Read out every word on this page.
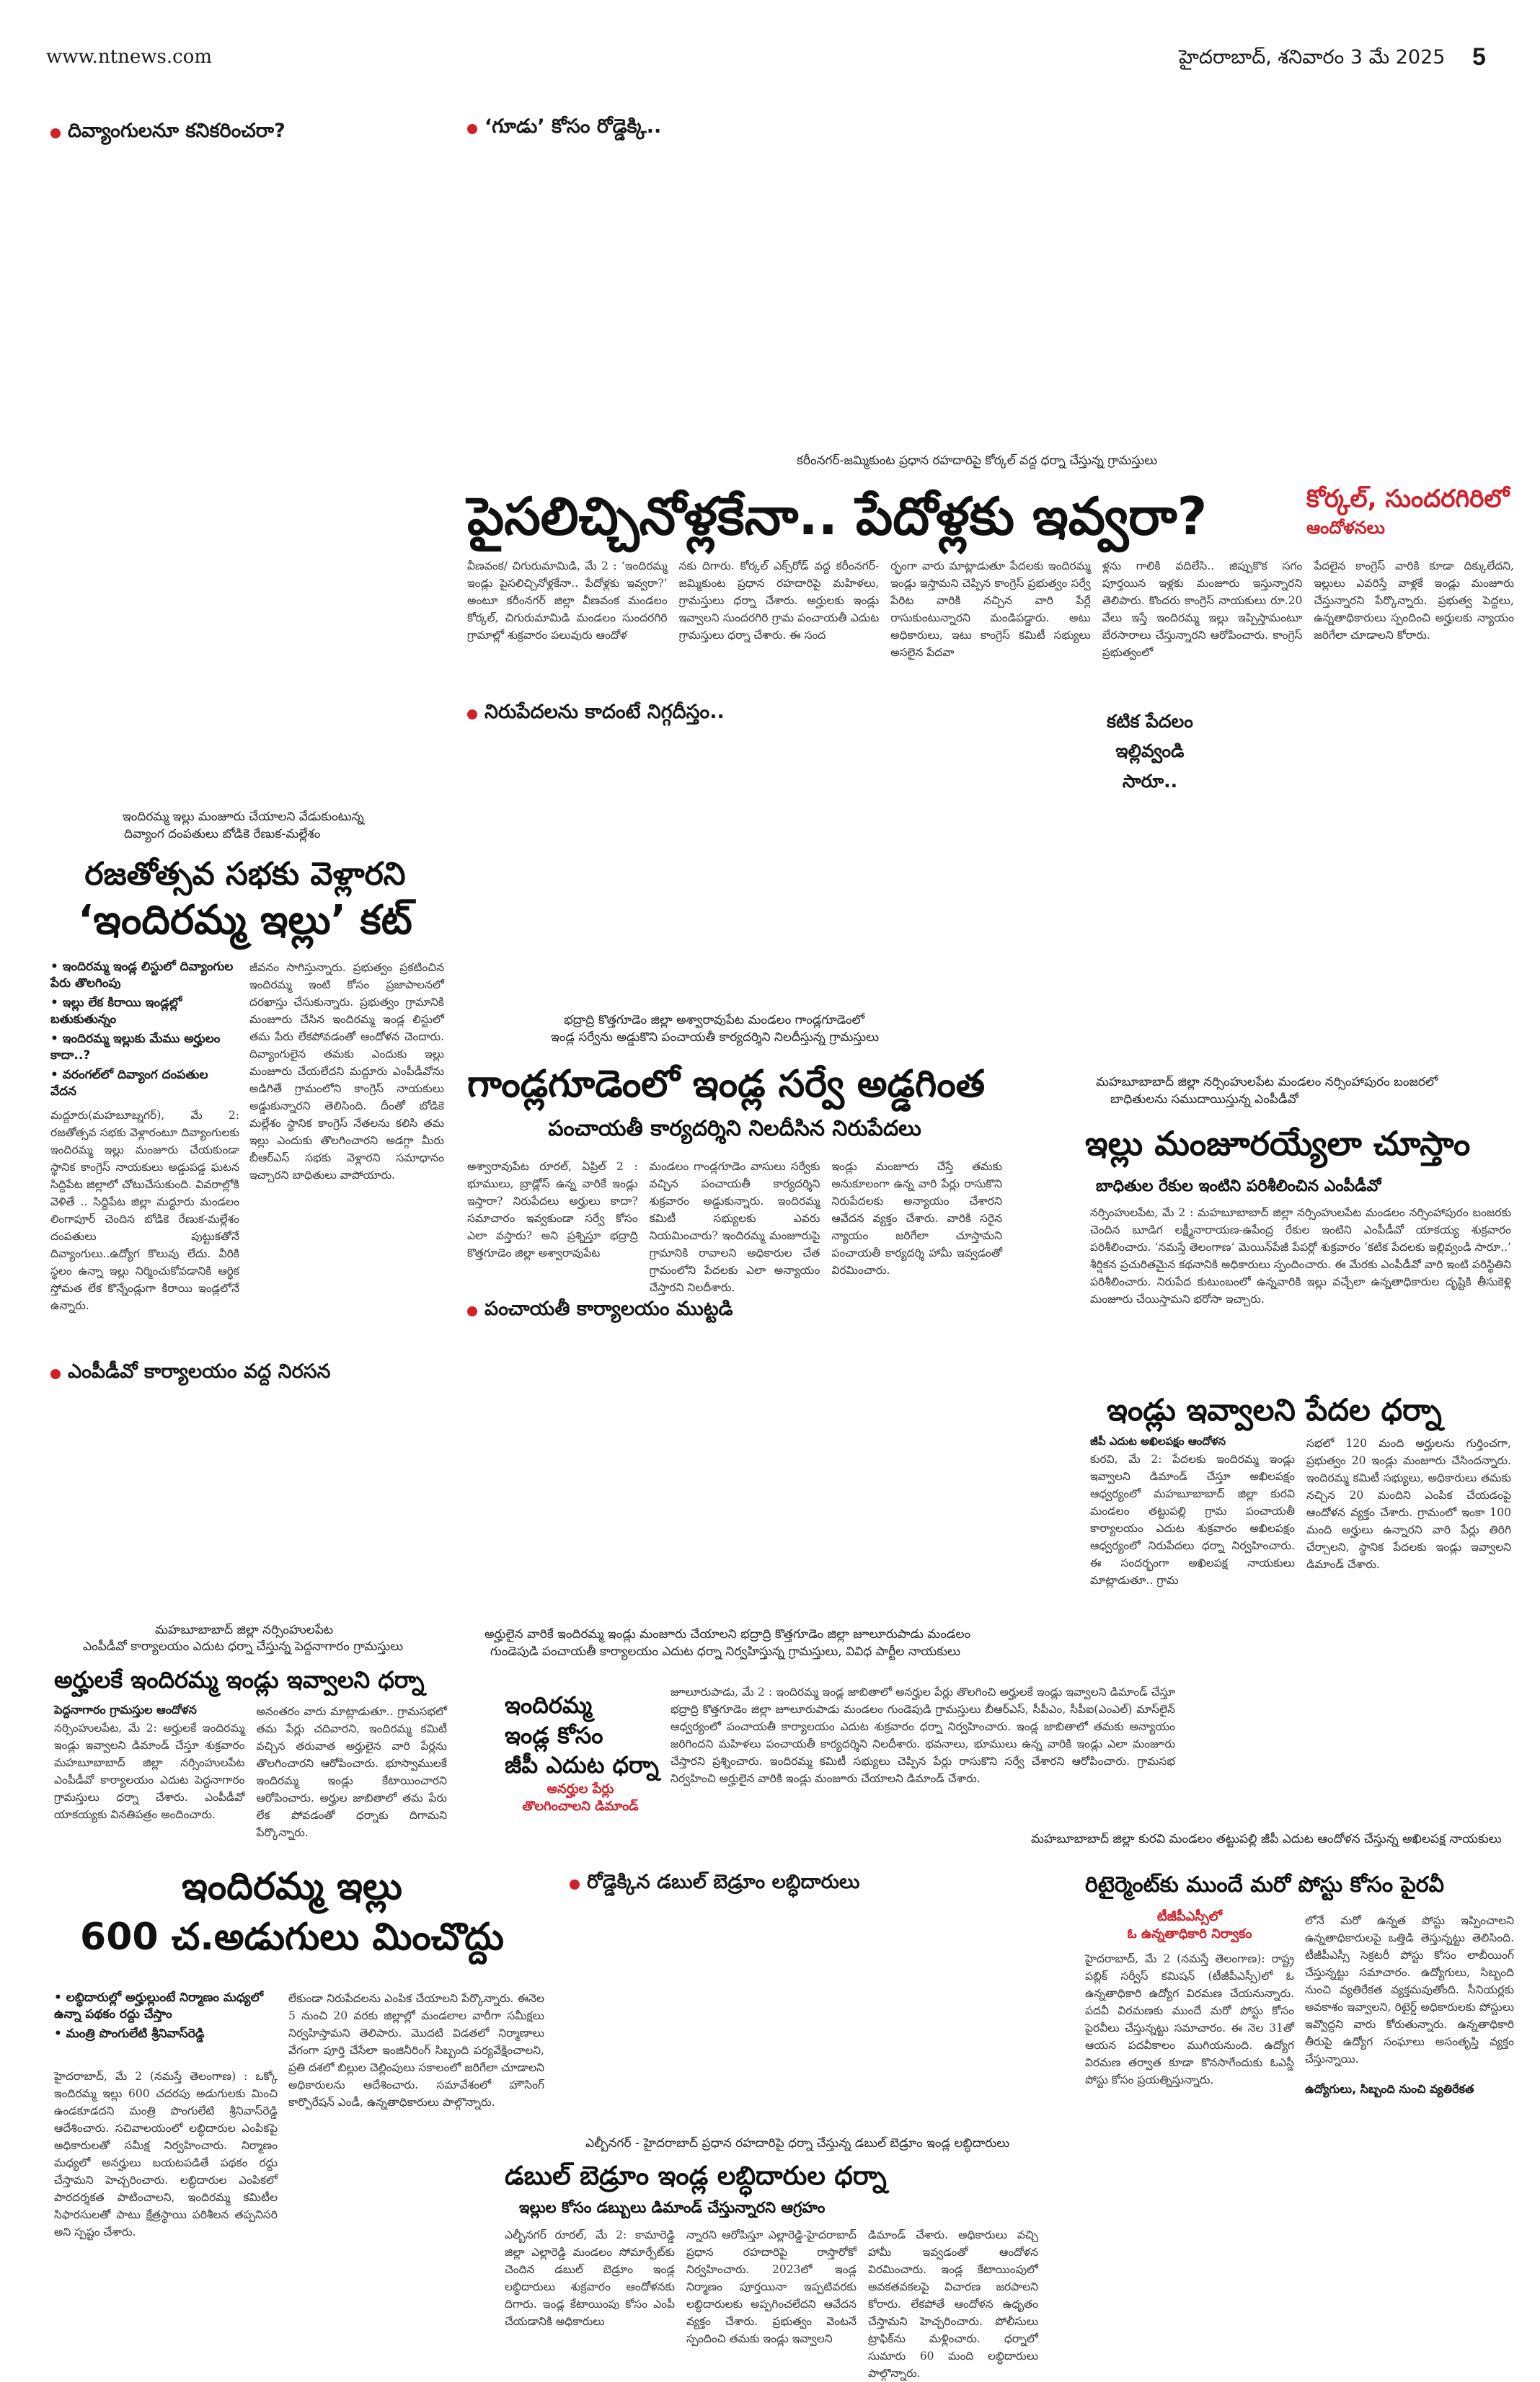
www.ntnews.com	హైదరాబాద్, శనివారం 3 మే 2025 5
దివ్యాంగులనూ కనికరించరా?	‘గూడు’ కోసం రోడ్డెక్కి..
కరీంనగర్-జమ్మికుంట ప్రధాన రహదారిపై కోర్కల్ వద్ద ధర్నా చేస్తున్న గ్రామస్తులు
పైసలిచ్చినోళ్లకేనా.. పేదోళ్లకు ఇవ్వరా?	కోర్కల్, సుందరగిరిలో
ఆందోళనలు
వీణవంక/ చిగురుమామిడి, మే 2 : ‘ఇందిరమ్మ ఇండ్లు పైసలిచ్చినోళ్లకేనా.. పేదోళ్లకు ఇవ్వరా?’ అంటూ కరీంనగర్ జిల్లా వీణవంక మండలం కోర్కల్, చిగురుమామిడి మండలం సుందరగిరి గ్రామాల్లో శుక్రవారం పలువురు ఆందోళ
నకు దిగారు. కోర్కల్ ఎక్స్‌రోడ్ వద్ద కరీంనగర్-జమ్మికుంట ప్రధాన రహదారిపై మహిళలు, గ్రామస్తులు ధర్నా చేశారు. అర్హులకు ఇండ్లు ఇవ్వాలని సుందరగిరి గ్రామ పంచాయతీ ఎదుట గ్రామస్తులు ధర్నా చేశారు. ఈ సంద
ర్భంగా వారు మాట్లాడుతూ పేదలకు ఇందిరమ్మ ఇండ్లు ఇస్తామని చెప్పిన కాంగ్రెస్ ప్రభుత్వం సర్వే పేరిట వారికి నచ్చిన వారి పేర్లే రాసుకుంటున్నారని మండిపడ్డారు. అటు అధికారులు, ఇటు కాంగ్రెస్ కమిటీ సభ్యులు అసలైన పేదవా
ళ్లను గాలికి వదిలేసి.. జిప్పుకొక సగం పూర్తయిన ఇళ్లకు మంజూరు ఇస్తున్నారని తెలిపారు. కొందరు కాంగ్రెస్ నాయకులు రూ.20 వేలు ఇస్తే ఇందిరమ్మ ఇల్లు ఇప్పిస్తామంటూ బేరసారాలు చేస్తున్నారని ఆరోపించారు. కాంగ్రెస్ ప్రభుత్వంలో
పేదలైన కాంగ్రెస్ వారికి కూడా దిక్కులేదని, ఇల్లులు ఎవరిస్తే వాళ్లకే ఇండ్లు మంజూరు చేస్తున్నారని పేర్కొన్నారు. ప్రభుత్వ పెద్దలు, ఉన్నతాధికారులు స్పందించి అర్హులకు న్యాయం జరిగేలా చూడాలని కోరారు.
నిరుపేదలను కాదంటే నిగ్గదీస్తం..	కటిక పేదలం
ఇల్లివ్వండి
సారూ..
ఇందిరమ్మ ఇల్లు మంజూరు చేయాలని వేడుకుంటున్న
దివ్యాంగ దంపతులు బోడికె రేణుక-మల్లేశం
రజతోత్సవ సభకు వెళ్లారని
‘ఇందిరమ్మ ఇల్లు’ కట్
• ఇందిరమ్మ ఇండ్ల లిస్టులో దివ్యాంగుల పేరు తొలగింపు
• ఇల్లు లేక కిరాయి ఇండ్లల్లో బతుకుతున్నం
• ఇందిరమ్మ ఇల్లుకు మేము అర్హులం కాదా..?
• వరంగల్‌లో దివ్యాంగ దంపతుల వేదన
మద్దూరు(మహబూబ్నగర్), మే 2: రజతోత్సవ సభకు వెళ్లారంటూ దివ్యాంగులకు ఇందిరమ్మ ఇల్లు మంజూరు చేయకుండా స్థానిక కాంగ్రెస్ నాయకులు అడ్డుపడ్డ ఘటన సిద్దిపేట జిల్లాలో చోటుచేసుకుంది. వివరాల్లోకి వెళితే .. సిద్దిపేట జిల్లా మద్దూరు మండలం లింగాపూర్ చెందిన బోడికె రేణుక-మల్లేశం దంపతులు పుట్టుకతోనే దివ్యాంగులు..ఉద్యోగ కొలువు లేదు. వీరికి స్థలం ఉన్నా ఇల్లు నిర్మించుకోవడానికి ఆర్థిక స్తోమత లేక కొన్నేండ్లుగా కిరాయి ఇండ్లలోనే ఉన్నారు.
జీవనం సాగిస్తున్నారు. ప్రభుత్వం ప్రకటించిన ఇందిరమ్మ ఇంటి కోసం ప్రజాపాలనలో దరఖాస్తు చేసుకున్నారు. ప్రభుత్వం గ్రామానికి మంజూరు చేసిన ఇందిరమ్మ ఇండ్ల లిస్టులో తమ పేరు లేకపోవడంతో ఆందోళన చెందారు. దివ్యాంగులైన తమకు ఎందుకు ఇల్లు మంజూరు చేయలేదని మద్దూరు ఎంపీడీవోను అడిగితే గ్రామంలోని కాంగ్రెస్ నాయకులు అడ్డుకున్నారని తెలిసింది. దీంతో బోడికె మల్లేశం స్థానిక కాంగ్రెస్ నేతలను కలిసి తమ ఇల్లు ఎందుకు తొలగించారని అడగ్గా మీరు బీఆర్ఎస్ సభకు వెళ్లారని సమాధానం ఇచ్చారని బాధితులు వాపోయారు.
ఎంపీడీవో కార్యాలయం వద్ద నిరసన
భద్రాద్రి కొత్తగూడెం జిల్లా అశ్వారావుపేట మండలం గాండ్లగూడెంలో
ఇండ్ల సర్వేను అడ్డుకొని పంచాయతీ కార్యదర్శిని నిలదీస్తున్న గ్రామస్తులు
గాండ్లగూడెంలో ఇండ్ల సర్వే అడ్డగింత
పంచాయతీ కార్యదర్శిని నిలదీసిన నిరుపేదలు
అశ్వారావుపేట రూరల్, ఏప్రిల్ 2 : భూములు, బ్రాడ్లోస్ ఉన్న వారికే ఇండ్లు ఇస్తారా? నిరుపేదలు అర్హులు కాదా? సమాచారం ఇవ్వకుండా సర్వే కోసం ఎలా వస్తారు? అని ప్రశ్నిస్తూ భద్రాద్రి కొత్తగూడెం జిల్లా అశ్వారావుపేట
మండలం గాండ్లగూడెం వాసులు సర్వేకు వచ్చిన పంచాయతీ కార్యదర్శిని శుక్రవారం అడ్డుకున్నారు. ఇందిరమ్మ కమిటీ సభ్యులకు ఎవరు నియమించారు? ఇందిరమ్మ మంజూరుపై గ్రామానికి రావాలని అధికారుల చేత గ్రామంలోని పేదలకు ఎలా అన్యాయం చేస్తారని నిలదీశారు.
ఇండ్లు మంజూరు చేస్తే తమకు అనుకూలంగా ఉన్న వారి పేర్లు రాసుకొని నిరుపేదలకు అన్యాయం చేశారని ఆవేదన వ్యక్తం చేశారు. వారికి సరైన న్యాయం జరిగేలా చూస్తామని పంచాయతీ కార్యదర్శి హామీ ఇవ్వడంతో విరమించారు.
పంచాయతీ కార్యాలయం ముట్టడి
మహబూబాబాద్ జిల్లా నర్సింహులపేట మండలం నర్సింహాపురం బంజరలో
బాధితులను సముదాయిస్తున్న ఎంపీడీవో
ఇల్లు మంజూరయ్యేలా చూస్తాం
బాధితుల రేకుల ఇంటిని పరిశీలించిన ఎంపీడీవో
నర్సింహులపేట, మే 2 : మహబూబాబాద్ జిల్లా నర్సింహులపేట మండలం నర్సింహాపురం బంజరకు చెందిన బూడిగ లక్ష్మీనారాయణ-ఉపేంద్ర రేకుల ఇంటిని ఎంపీడీవో యాకయ్య శుక్రవారం పరిశీలించారు. ‘నమస్తే తెలంగాణ’ మెయిన్‌పేజీ పేపర్లో శుక్రవారం ‘కటిక పేదలకు ఇల్లివ్వండి సారూ..’ శీర్షికన ప్రచురితమైన కథనానికి అధికారులు స్పందించారు. ఈ మేరకు ఎంపీడీవో వారి ఇంటి పరిస్థితిని పరిశీలించారు. నిరుపేద కుటుంబంలో ఉన్నవారికి ఇల్లు వచ్చేలా ఉన్నతాధికారుల దృష్టికి తీసుకెళ్లి మంజూరు చేయిస్తామని భరోసా ఇచ్చారు.
ఇండ్లు ఇవ్వాలని పేదల ధర్నా
జీపీ ఎదుట అఖిలపక్షం ఆందోళన
కురవి, మే 2: పేదలకు ఇందిరమ్మ ఇండ్లు ఇవ్వాలని డిమాండ్ చేస్తూ అఖిలపక్షం ఆధ్వర్యంలో మహబూబాబాద్ జిల్లా కురవి మండలం తట్టుపల్లి గ్రామ పంచాయతీ కార్యాలయం ఎదుట శుక్రవారం అఖిలపక్షం ఆధ్వర్యంలో నిరుపేదలు ధర్నా నిర్వహించారు. ఈ సందర్భంగా అఖిలపక్ష నాయకులు మాట్లాడుతూ.. గ్రామ
సభలో 120 మంది అర్హులను గుర్తించగా, ప్రభుత్వం 20 ఇండ్లు మంజూరు చేసిందన్నారు. ఇందిరమ్మ కమిటీ సభ్యులు, అధికారులు తమకు నచ్చిన 20 మందిని ఎంపిక చేయడంపై ఆందోళన వ్యక్తం చేశారు. గ్రామంలో ఇంకా 100 మంది అర్హులు ఉన్నారని వారి పేర్లు తిరిగి చేర్చాలని, స్థానిక పేదలకు ఇండ్లు ఇవ్వాలని డిమాండ్ చేశారు.
మహబూబాబాద్ జిల్లా నర్సింహులపేట
ఎంపీడీవో కార్యాలయం ఎదుట ధర్నా చేస్తున్న పెద్దనాగారం గ్రామస్తులు
అర్హులకే ఇందిరమ్మ ఇండ్లు ఇవ్వాలని ధర్నా
పెద్దనాగారం గ్రామస్తుల ఆందోళన
నర్సింహులపేట, మే 2: అర్హులకే ఇందిరమ్మ ఇండ్లు ఇవ్వాలని డిమాండ్ చేస్తూ శుక్రవారం మహబూబాబాద్ జిల్లా నర్సింహులపేట ఎంపీడీవో కార్యాలయం ఎదుట పెద్దనాగారం గ్రామస్తులు ధర్నా చేశారు. ఎంపీడీవో యాకయ్యకు వినతిపత్రం అందించారు.
అనంతరం వారు మాట్లాడుతూ.. గ్రామసభలో తమ పేర్లు చదివారని, ఇందిరమ్మ కమిటీ వచ్చిన తరువాత అర్హులైన వారి పేర్లను తొలగించారని ఆరోపించారు. భూస్వాములకే ఇందిరమ్మ ఇండ్లు కేటాయించారని ఆరోపించారు. అర్హుల జాబితాలో తమ పేరు లేక పోవడంతో ధర్నాకు దిగామని పేర్కొన్నారు.
అర్హులైన వారికే ఇందిరమ్మ ఇండ్లు మంజూరు చేయాలని భద్రాద్రి కొత్తగూడెం జిల్లా జూలూరుపాడు మండలం
గుండెపుడి పంచాయతీ కార్యాలయం ఎదుట ధర్నా నిర్వహిస్తున్న గ్రామస్తులు, వివిధ పార్టీల నాయకులు
ఇందిరమ్మ
ఇండ్ల కోసం
జీపీ ఎదుట ధర్నా
అనర్హుల పేర్లు
తొలగించాలని డిమాండ్
జూలూరుపాడు, మే 2 : ఇందిరమ్మ ఇండ్ల జాబితాలో అనర్హుల పేర్లు తొలగించి అర్హులకే ఇండ్లు ఇవ్వాలని డిమాండ్ చేస్తూ భద్రాద్రి కొత్తగూడెం జిల్లా జూలూరుపాడు మండలం గుండెపుడి గ్రామస్తులు బీఆర్ఎస్, సీపీఎం, సీపీఐ(ఎంఎల్) మాస్‌లైన్ ఆధ్వర్యంలో పంచాయతీ కార్యాలయం ఎదుట శుక్రవారం ధర్నా నిర్వహించారు. ఇండ్ల జాబితాలో తమకు అన్యాయం జరిగిందని మహిళలు పంచాయతీ కార్యదర్శిని నిలదీశారు. భవనాలు, భూములు ఉన్న వారికి ఇండ్లు ఎలా మంజూరు చేస్తారని ప్రశ్నించారు. ఇందిరమ్మ కమిటీ సభ్యులు చెప్పిన పేర్లు రాసుకొని సర్వే చేశారని ఆరోపించారు. గ్రామసభ నిర్వహించి అర్హులైన వారికి ఇండ్లు మంజూరు చేయాలని డిమాండ్ చేశారు.
మహబూబాబాద్ జిల్లా కురవి మండలం తట్టుపల్లి జీపీ ఎదుట ఆందోళన చేస్తున్న అఖిలపక్ష నాయకులు
ఇందిరమ్మ ఇల్లు
600 చ.అడుగులు మించొద్దు
• లబ్ధిదారుల్లో అర్హుల్లుంటే నిర్మాణం మధ్యలో ఉన్నా పథకం రద్దు చేస్తాం
• మంత్రి పొంగులేటి శ్రీనివాస్‌రెడ్డి
హైదరాబాద్, మే 2 (నమస్తే తెలంగాణ) : ఒక్కో ఇందిరమ్మ ఇల్లు 600 చదరపు అడుగులకు మించి ఉండకూడదని మంత్రి పొంగులేటి శ్రీనివాస్‌రెడ్డి ఆదేశించారు. సచివాలయంలో లబ్ధిదారుల ఎంపికపై అధికారులతో సమీక్ష నిర్వహించారు. నిర్మాణం మధ్యలో అనర్హులు బయటపడితే పథకం రద్దు చేస్తామని హెచ్చరించారు. లబ్ధిదారుల ఎంపికలో పారదర్శకత పాటించాలని, ఇందిరమ్మ కమిటీల సిఫారసులతో పాటు క్షేత్రస్థాయి పరిశీలన తప్పనిసరి అని స్పష్టం చేశారు.
లేకుండా నిరుపేదలను ఎంపిక చేయాలని పేర్కొన్నారు. ఈనెల 5 నుంచి 20 వరకు జిల్లాల్లో మండలాల వారీగా సమీక్షలు నిర్వహిస్తామని తెలిపారు. మొదటి విడతలో నిర్మాణాలు వేగంగా పూర్తి చేసేలా ఇంజినీరింగ్ సిబ్బంది పర్యవేక్షించాలని, ప్రతి దశలో బిల్లుల చెల్లింపులు సకాలంలో జరిగేలా చూడాలని అధికారులను ఆదేశించారు. సమావేశంలో హౌసింగ్ కార్పొరేషన్ ఎండీ, ఉన్నతాధికారులు పాల్గొన్నారు.
రోడ్డెక్కిన డబుల్ బెడ్రూం లబ్ధిదారులు
ఎల్బీనగర్ - హైదరాబాద్ ప్రధాన రహదారిపై ధర్నా చేస్తున్న డబుల్ బెడ్రూం ఇండ్ల లబ్ధిదారులు
డబుల్ బెడ్రూం ఇండ్ల లబ్ధిదారుల ధర్నా
ఇల్లుల కోసం డబ్బులు డిమాండ్ చేస్తున్నారని ఆగ్రహం
ఎల్బీనగర్ రూరల్, మే 2: కామారెడ్డి జిల్లా ఎల్లారెడ్డి మండలం సోమార్పేట్‌కు చెందిన డబుల్ బెడ్రూం ఇండ్ల లబ్ధిదారులు శుక్రవారం ఆందోళనకు దిగారు. ఇండ్ల కేటాయింపు కోసం ఎంపీ చేయడానికి అధికారులు
న్నారని ఆరోపిస్తూ ఎల్లారెడ్డి-హైదరాబాద్ ప్రధాన రహదారిపై రాస్తారోకో నిర్వహించారు. 2023లో ఇండ్ల నిర్మాణం పూర్తయినా ఇప్పటివరకు లబ్ధిదారులకు అప్పగించలేదని ఆవేదన వ్యక్తం చేశారు. ప్రభుత్వం వెంటనే స్పందించి తమకు ఇండ్లు ఇవ్వాలని
డిమాండ్ చేశారు. అధికారులు వచ్చి హామీ ఇవ్వడంతో ఆందోళన విరమించారు. ఇండ్ల కేటాయింపులో అవకతవకలపై విచారణ జరపాలని కోరారు. లేకపోతే ఆందోళన ఉధృతం చేస్తామని హెచ్చరించారు. పోలీసులు ట్రాఫిక్‌ను మళ్లించారు. ధర్నాలో సుమారు 60 మంది లబ్ధిదారులు పాల్గొన్నారు.
రిటైర్మెంట్‌కు ముందే మరో పోస్టు కోసం పైరవీ
టీజీపీఎస్సీలో
ఓ ఉన్నతాధికారి నిర్వాకం
హైదరాబాద్, మే 2 (నమస్తే తెలంగాణ): రాష్ట్ర పబ్లిక్ సర్వీస్ కమిషన్ (టీజీపీఎస్సీ)లో ఓ ఉన్నతాధికారి ఉద్యోగ విరమణ చేయనున్నారు. పదవీ విరమణకు ముందే మరో పోస్టు కోసం పైరవీలు చేస్తున్నట్టు సమాచారం. ఈ నెల 31తో ఆయన పదవీకాలం ముగియనుంది. ఉద్యోగ విరమణ తర్వాత కూడా కొనసాగేందుకు ఓఎస్డీ పోస్టు కోసం ప్రయత్నిస్తున్నారు.
లోనే మరో ఉన్నత పోస్టు ఇప్పించాలని ఉన్నతాధికారులపై ఒత్తిడి తెస్తున్నట్టు తెలిసింది. టీజీపీఎస్సీ సెక్రటరీ పోస్టు కోసం లాబీయింగ్ చేస్తున్నట్టు సమాచారం. ఉద్యోగులు, సిబ్బంది నుంచి వ్యతిరేకత వ్యక్తమవుతోంది. సీనియర్లకు అవకాశం ఇవ్వాలని, రిటైర్డ్ అధికారులకు పోస్టులు ఇవ్వొద్దని వారు కోరుతున్నారు. ఉన్నతాధికారి తీరుపై ఉద్యోగ సంఘాలు అసంతృప్తి వ్యక్తం చేస్తున్నాయి.
ఉద్యోగులు, సిబ్బంది నుంచి వ్యతిరేకత
